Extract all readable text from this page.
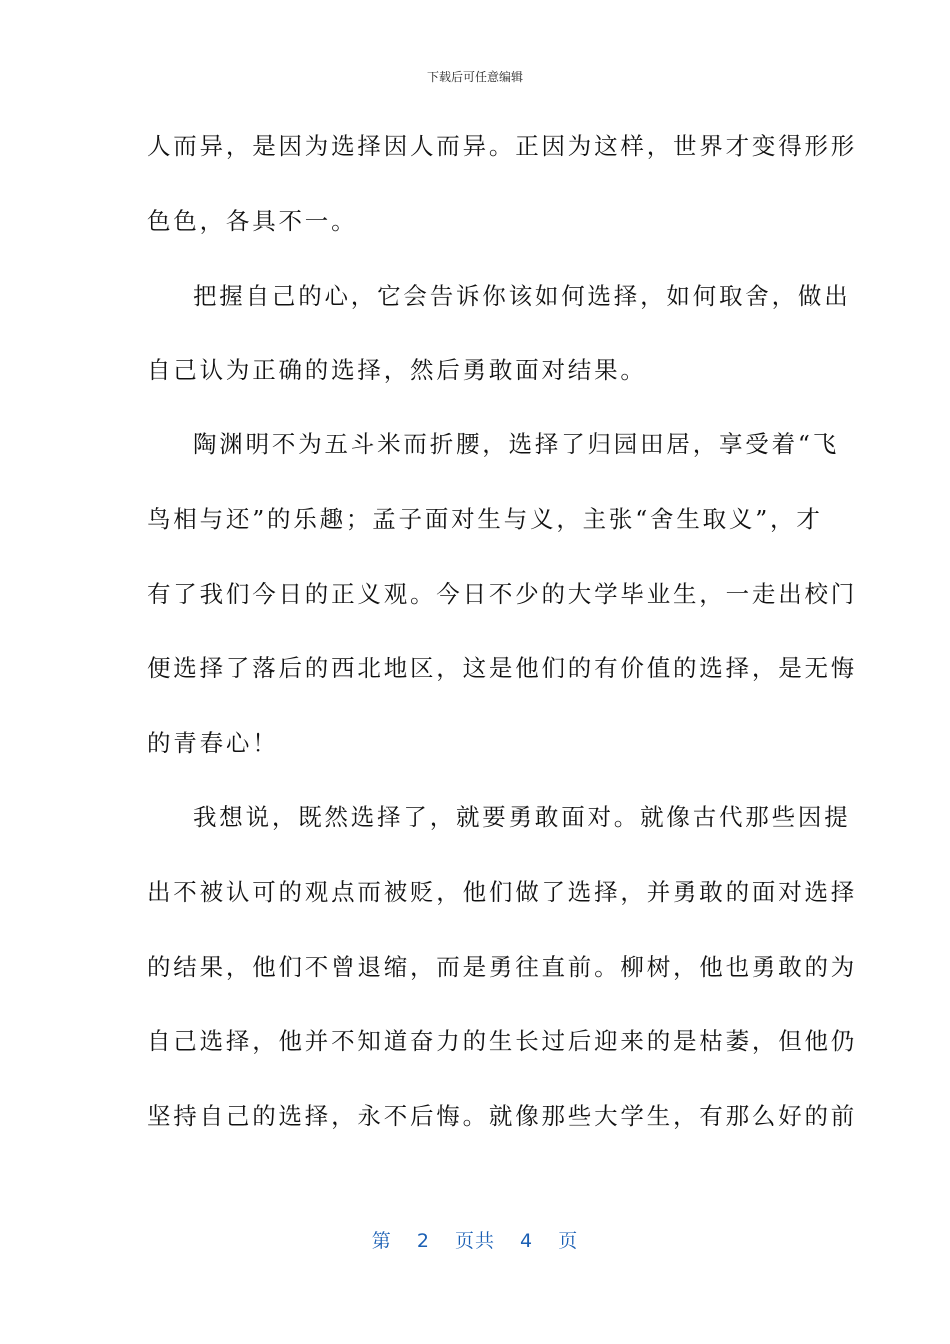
下载后可任意编辑
人而异，是因为选择因人而异。正因为这样，世界才变得形形
色色，各具不一。
把握自己的心，它会告诉你该如何选择，如何取舍，做出
自己认为正确的选择，然后勇敢面对结果。
陶渊明不为五斗米而折腰，选择了归园田居，享受着“飞
鸟相与还”的乐趣；孟子面对生与义，主张“舍生取义”，才
有了我们今日的正义观。今日不少的大学毕业生，一走出校门
便选择了落后的西北地区，这是他们的有价值的选择，是无悔
的青春心！
我想说，既然选择了，就要勇敢面对。就像古代那些因提
出不被认可的观点而被贬，他们做了选择，并勇敢的面对选择
的结果，他们不曾退缩，而是勇往直前。柳树，他也勇敢的为
自己选择，他并不知道奋力的生长过后迎来的是枯萎，但他仍
坚持自己的选择，永不后悔。就像那些大学生，有那么好的前
第 2 页共 4 页
